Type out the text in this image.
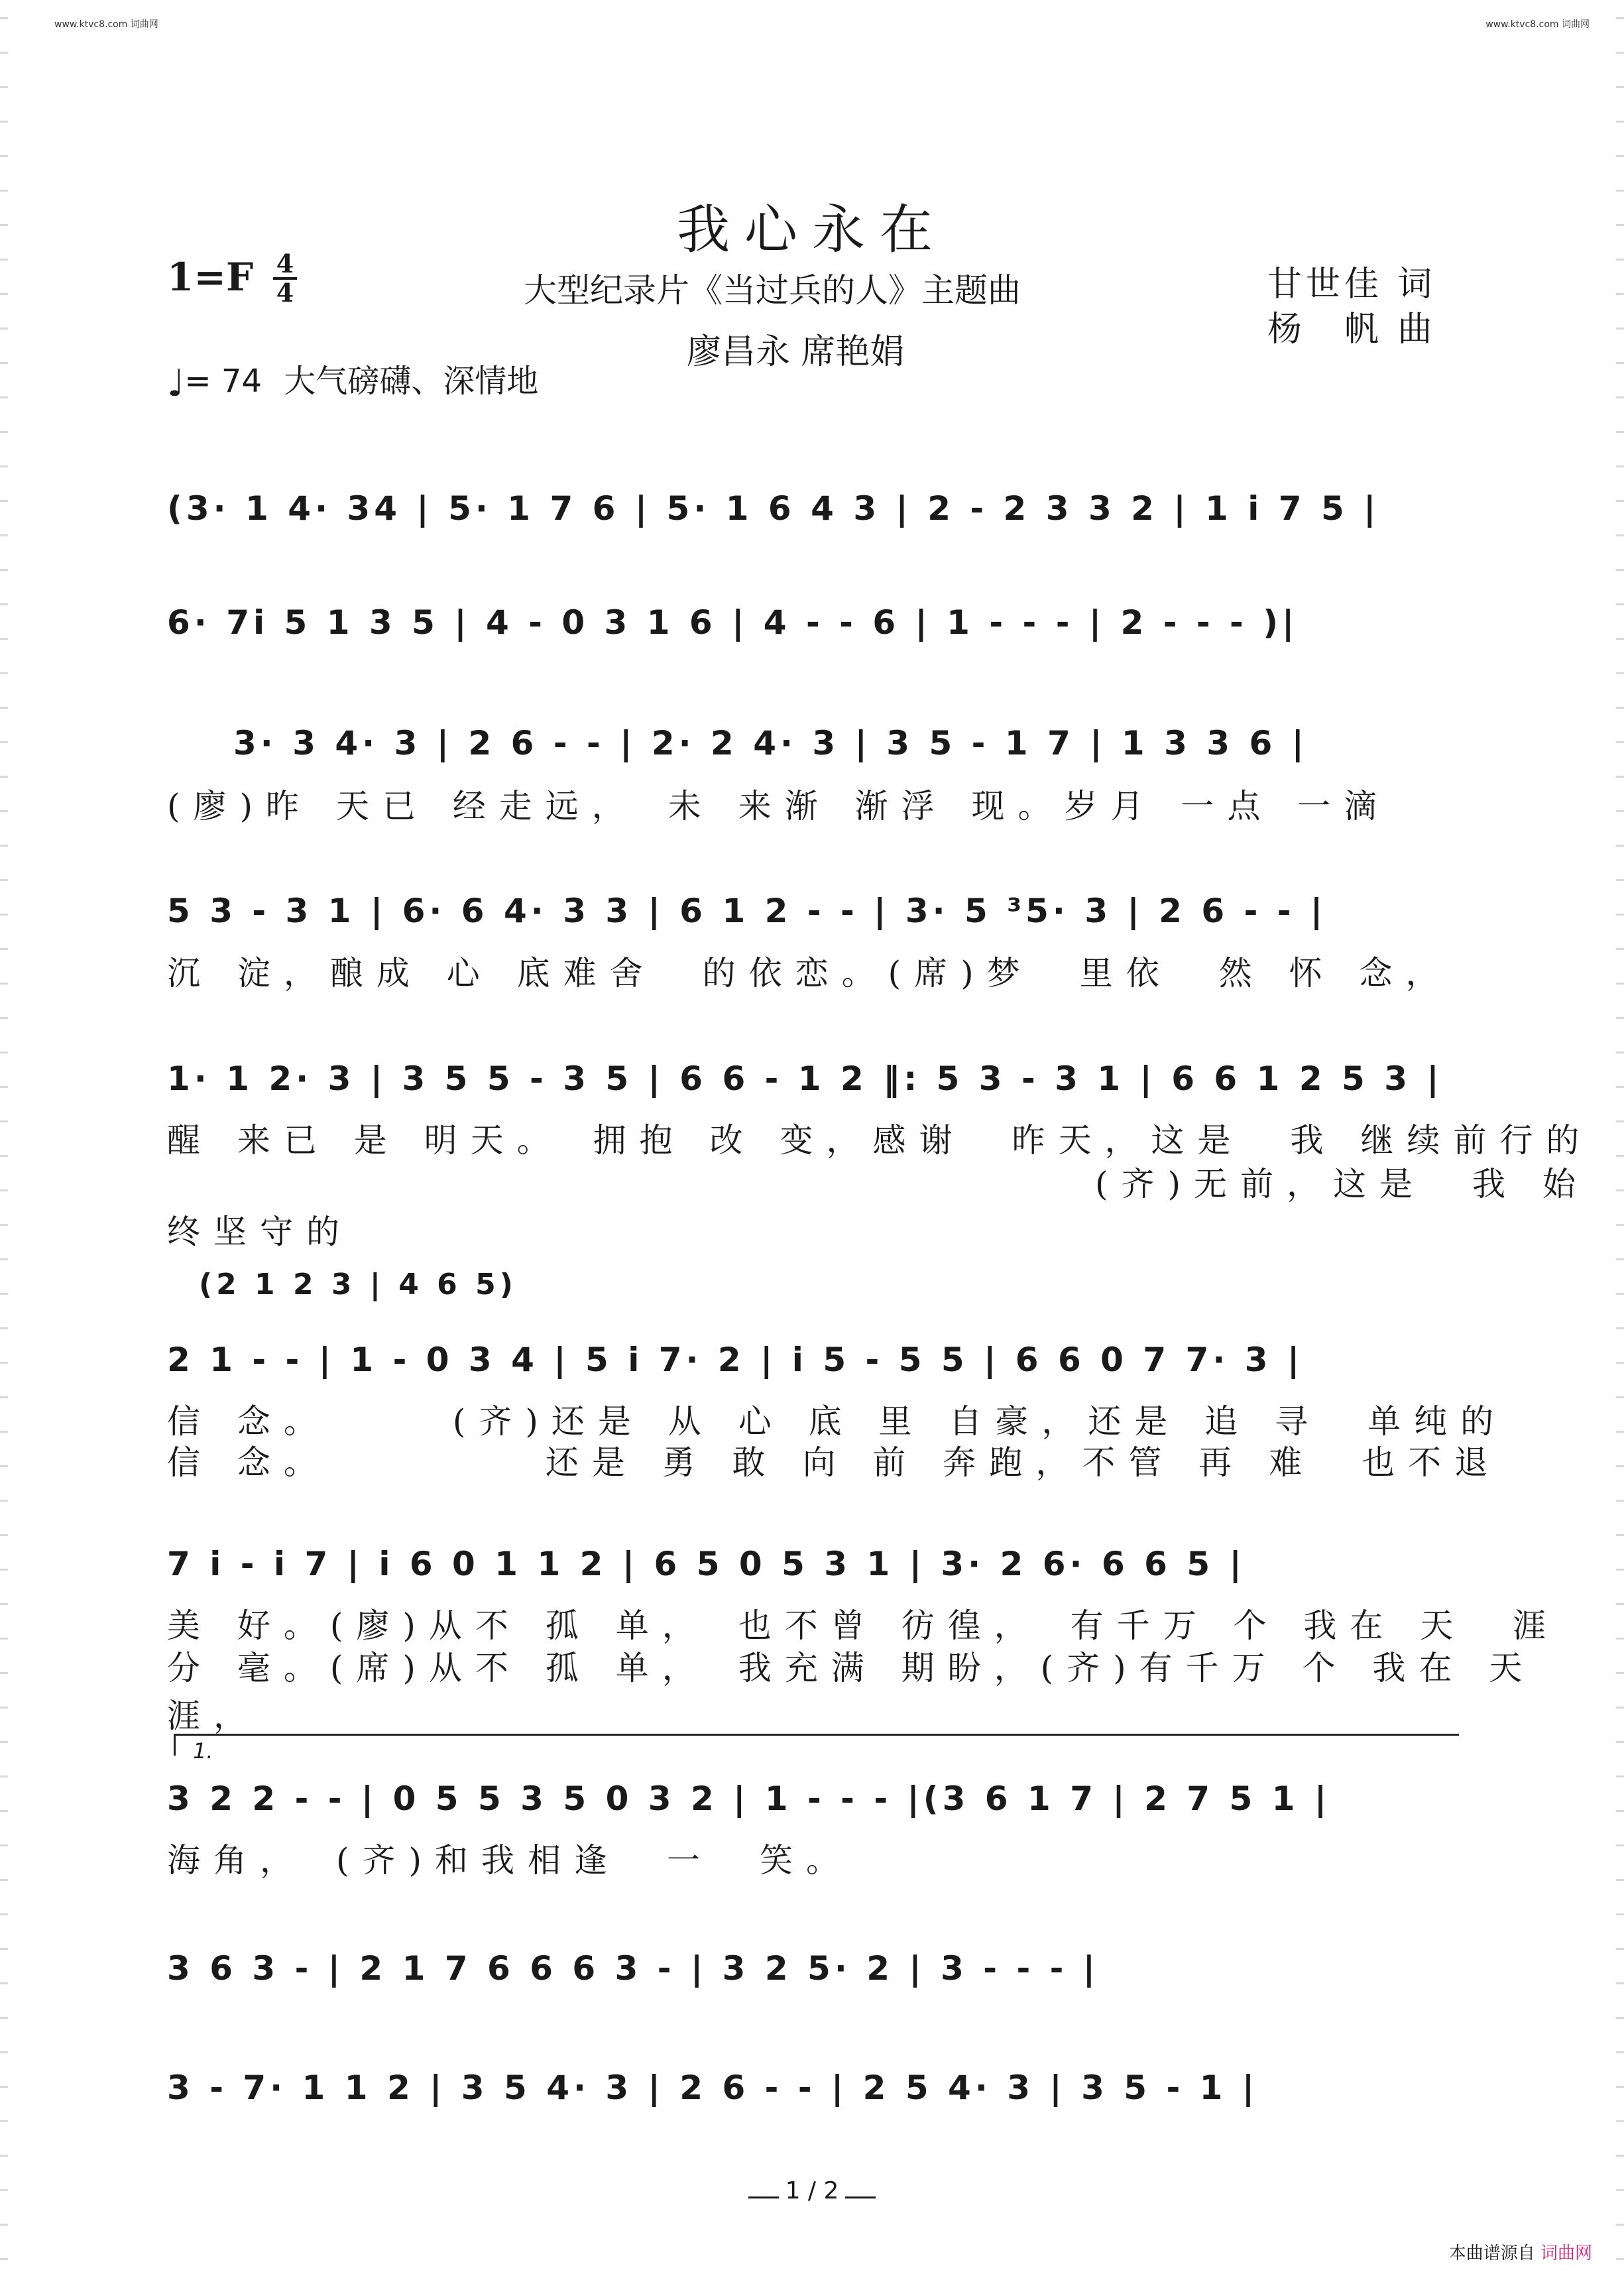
www.ktvc8.com 词曲网	www.ktvc8.com 词曲网
我心永在
1=F 4
4	大型纪录片《当过兵的人》主题曲
廖昌永 席艳娟
甘世佳 词
杨　帆 曲
♩= 74 大气磅礴、深情地
(3· 1 4· 34 | 5· 1 7 6 | 5· 1 6 4 3 | 2 - 2 3 3 2 | 1 i 7 5 |
6· 7i 5 1 3 5 | 4 - 0 3 1 6 | 4 - - 6 | 1 - - - | 2 - - - )|
3· 3 4· 3 | 2 6 - - | 2· 2 4· 3 | 3 5 - 1 7 | 1 3 3 6 |
(廖)昨 天已 经走远，　未 来渐 渐浮 现。岁月 一点 一滴
5 3 - 3 1 | 6· 6 4· 3 3 | 6 1 2 - - | 3· 5 ³5· 3 | 2 6 - - |
沉 淀，酿成 心 底难舍　的依恋。(席)梦　里依　然 怀 念，
1· 1 2· 3 | 3 5 5 - 3 5 | 6 6 - 1 2 ‖: 5 3 - 3 1 | 6 6 1 2 5 3 |
醒 来已 是 明天。　拥抱 改 变，感谢　昨天，这是　我 继续前行的
　　　　　　　　　　　　　　　　　　　　(齐)无前，这是　我 始终坚守的
(2 1 2 3 | 4 6 5)
2 1 - - | 1 - 0 3 4 | 5 i 7· 2 | i 5 - 5 5 | 6 6 0 7 7· 3 |
信 念。　　　(齐)还是 从 心 底 里 自豪，还是 追 寻　单纯的
信 念。　　　　　还是 勇 敢 向 前 奔跑，不管 再 难　也不退
7 i - i 7 | i 6 0 1 1 2 | 6 5 0 5 3 1 | 3· 2 6· 6 6 5 |
美 好。(廖)从不 孤 单，　也不曾 彷徨，　有千万 个 我在 天　涯
分 毫。(席)从不 孤 单，　我充满 期盼，(齐)有千万 个 我在 天　涯，
1.
3 2 2 - - | 0 5 5 3 5 0 3 2 | 1 - - - |(3 6 1 7 | 2 7 5 1 |
海角，　(齐)和我相逢　一　笑。
3 6 3 - | 2 1 7 6 6 6 3 - | 3 2 5· 2 | 3 - - - |
3 - 7· 1 1 2 | 3 5 4· 3 | 2 6 - - | 2 5 4· 3 | 3 5 - 1 |
1 / 2
本曲谱源自 词曲网
